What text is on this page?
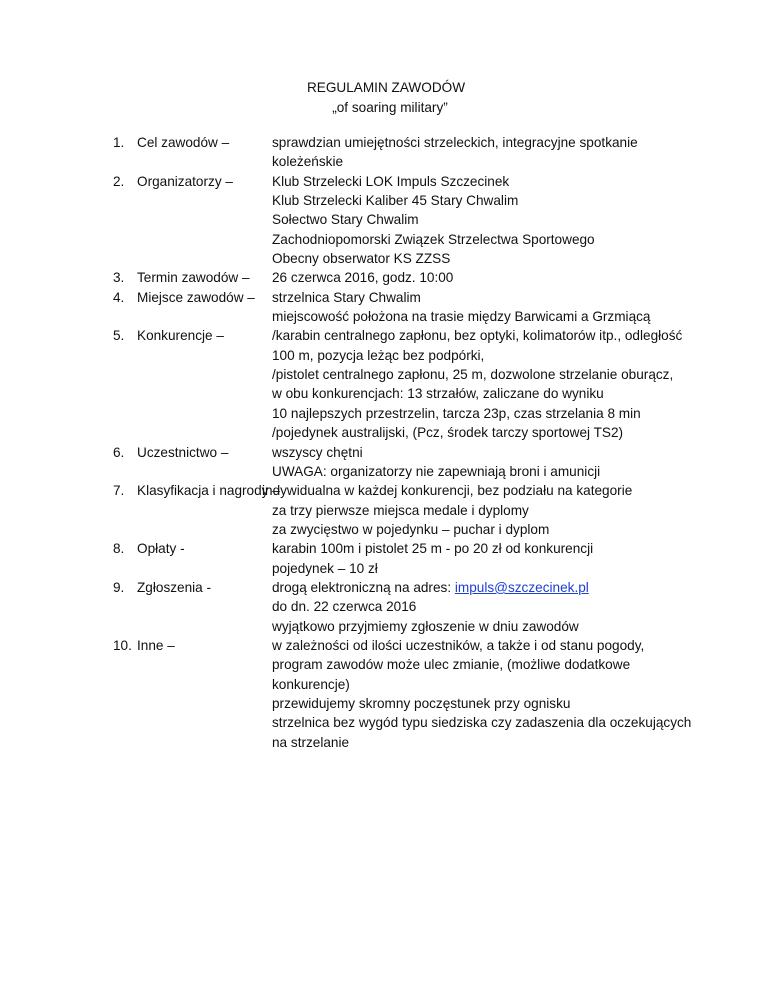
REGULAMIN ZAWODÓW
„of soaring military”
1. Cel zawodów –	sprawdzian umiejętności strzeleckich, integracyjne spotkanie
koleżeńskie
2. Organizatorzy –	Klub Strzelecki LOK Impuls Szczecinek
Klub Strzelecki Kaliber 45 Stary Chwalim
Sołectwo Stary Chwalim
Zachodniopomorski Związek Strzelectwa Sportowego
Obecny obserwator KS ZZSS
3. Termin zawodów – 26 czerwca 2016, godz. 10:00
4. Miejsce zawodów – strzelnica Stary Chwalim
miejscowość położona na trasie między Barwicami a Grzmiącą
5. Konkurencje –	/karabin centralnego zapłonu, bez optyki, kolimatorów itp., odległość
100 m, pozycja leżąc bez podpórki,
/pistolet centralnego zapłonu, 25 m, dozwolone strzelanie oburącz,
w obu konkurencjach: 13 strzałów, zaliczane do wyniku
10 najlepszych przestrzelin, tarcza 23p, czas strzelania 8 min
/pojedynek australijski, (Pcz, środek tarczy sportowej TS2)
6. Uczestnictwo –	wszyscy chętni
UWAGA: organizatorzy nie zapewniają broni i amunicji
7. Klasyfikacja i nagrody –
indywidualna w każdej konkurencji, bez podziału na kategorie
za trzy pierwsze miejsca medale i dyplomy
za zwycięstwo w pojedynku – puchar i dyplom
8. Opłaty -	karabin 100m i pistolet 25 m - po 20 zł od konkurencji
pojedynek – 10 zł
9. Zgłoszenia -	drogą elektroniczną na adres: impuls@szczecinek.pl
do dn. 22 czerwca 2016
wyjątkowo przyjmiemy zgłoszenie w dniu zawodów
10. Inne –	w zależności od ilości uczestników, a także i od stanu pogody,
program zawodów może ulec zmianie, (możliwe dodatkowe
konkurencje)
przewidujemy skromny poczęstunek przy ognisku
strzelnica bez wygód typu siedziska czy zadaszenia dla oczekujących
na strzelanie
